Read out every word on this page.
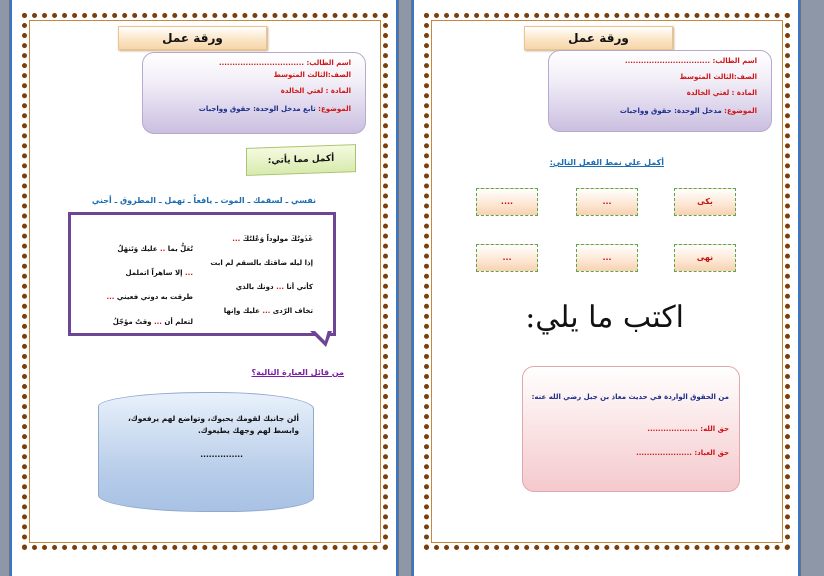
ورقة عمل
اسم الطالب: ................................
الصف:الثالث المتوسط
المادة : لغتي الخالدة
الموضوع: تابع مدخل الوحدة: حقوق وواجبات
أكمل مما يأتي:
نفسي ـ لسقمك ـ الموت ـ يافعاً ـ تهمل ـ المطروق ـ أجني
غَذَوتُكَ مولوداً وَعُلتُكَ ...
إذا ليله ضاقتك بالسقم لم ابت
كأني أنا ... دونك بالذي
تخاف الرّدى ... عليك وإنها
تُعَلُّ بما .. عليك وَتَنهَلُ
... إلا ساهراً اتململ
طرقت به دوني فعيني ...
لتعلم أن ... وقتٌ مؤجّلُ
من قائل العبارة التالية؟
ألن جانبك لقومك يحبوك، وتواضع لهم يرفعوك، وابسط لهم وجهك يطيعوك.
...............
ورقة عمل
اسم الطالب: ................................
الصف:الثالث المتوسط
المادة : لغتي الخالدة
الموضوع: مدخل الوحدة: حقوق وواجبات
أكمل على نمط الفعل التالي:
بكى
...
....
نهى
...
...
اكتب ما يلي:
من الحقوق الواردة في حديث معاذ بن جبل رضي الله عنه:
حق الله: ...................
حق العباد: .....................
